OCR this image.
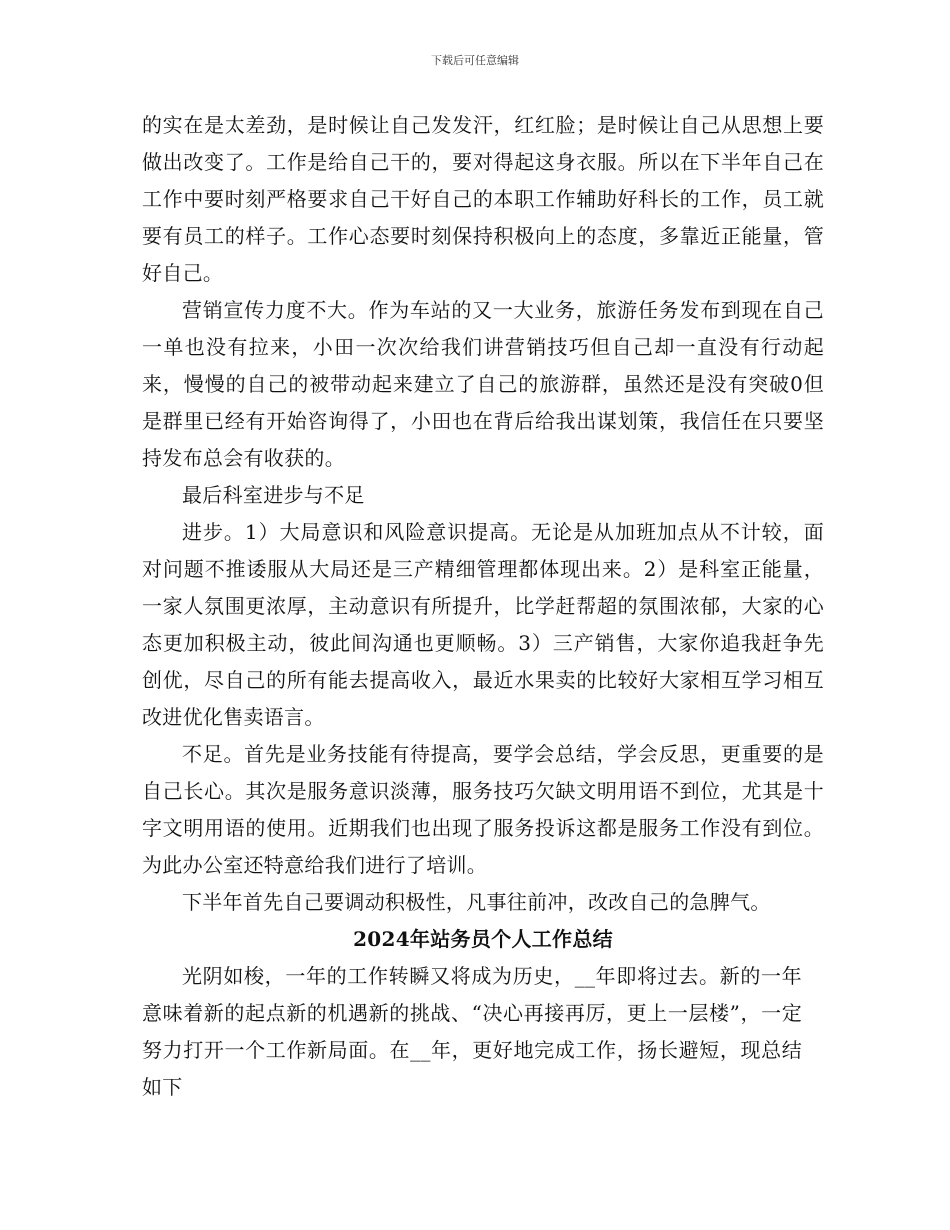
下载后可任意编辑

的实在是太差劲，是时候让自己发发汗，红红脸；是时候让自己从思想上要做出改变了。工作是给自己干的，要对得起这身衣服。所以在下半年自己在工作中要时刻严格要求自己干好自己的本职工作辅助好科长的工作，员工就要有员工的样子。工作心态要时刻保持积极向上的态度，多靠近正能量，管好自己。

营销宣传力度不大。作为车站的又一大业务，旅游任务发布到现在自己一单也没有拉来，小田一次次给我们讲营销技巧但自己却一直没有行动起来，慢慢的自己的被带动起来建立了自己的旅游群，虽然还是没有突破0但是群里已经有开始咨询得了，小田也在背后给我出谋划策，我信任在只要坚持发布总会有收获的。

最后科室进步与不足

进步。1）大局意识和风险意识提高。无论是从加班加点从不计较，面对问题不推诿服从大局还是三产精细管理都体现出来。2）是科室正能量，一家人氛围更浓厚，主动意识有所提升，比学赶帮超的氛围浓郁，大家的心态更加积极主动，彼此间沟通也更顺畅。3）三产销售，大家你追我赶争先创优，尽自己的所有能去提高收入，最近水果卖的比较好大家相互学习相互改进优化售卖语言。

不足。首先是业务技能有待提高，要学会总结，学会反思，更重要的是自己长心。其次是服务意识淡薄，服务技巧欠缺文明用语不到位，尤其是十字文明用语的使用。近期我们也出现了服务投诉这都是服务工作没有到位。为此办公室还特意给我们进行了培训。

下半年首先自己要调动积极性，凡事往前冲，改改自己的急脾气。

2024年站务员个人工作总结

光阴如梭，一年的工作转瞬又将成为历史，__年即将过去。新的一年意味着新的起点新的机遇新的挑战、“决心再接再厉，更上一层楼”，一定努力打开一个工作新局面。在__年，更好地完成工作，扬长避短，现总结如下
